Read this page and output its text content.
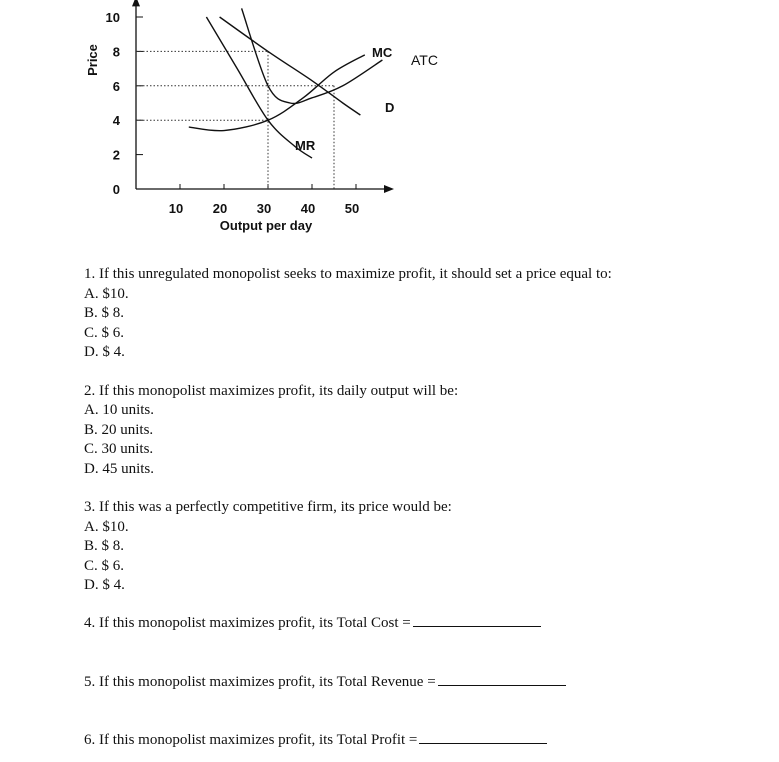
Price
Output per day
10 20 30 40 50
0
2
4
6
8
10
MC ATC
D
MR

1. If this unregulated monopolist seeks to maximize profit, it should set a price equal to:

A. $10.

B. $ 8.

C. $ 6.

D. $ 4.

2. If this monopolist maximizes profit, its daily output will be:

A. 10 units.

B. 20 units.

C. 30 units.

D. 45 units.

3. If this was a perfectly competitive firm, its price would be:

A. $10.

B. $ 8.

C. $ 6.

D. $ 4.

4. If this monopolist maximizes profit, its Total Cost =
5. If this monopolist maximizes profit, its Total Revenue =
6. If this monopolist maximizes profit, its Total Profit =
